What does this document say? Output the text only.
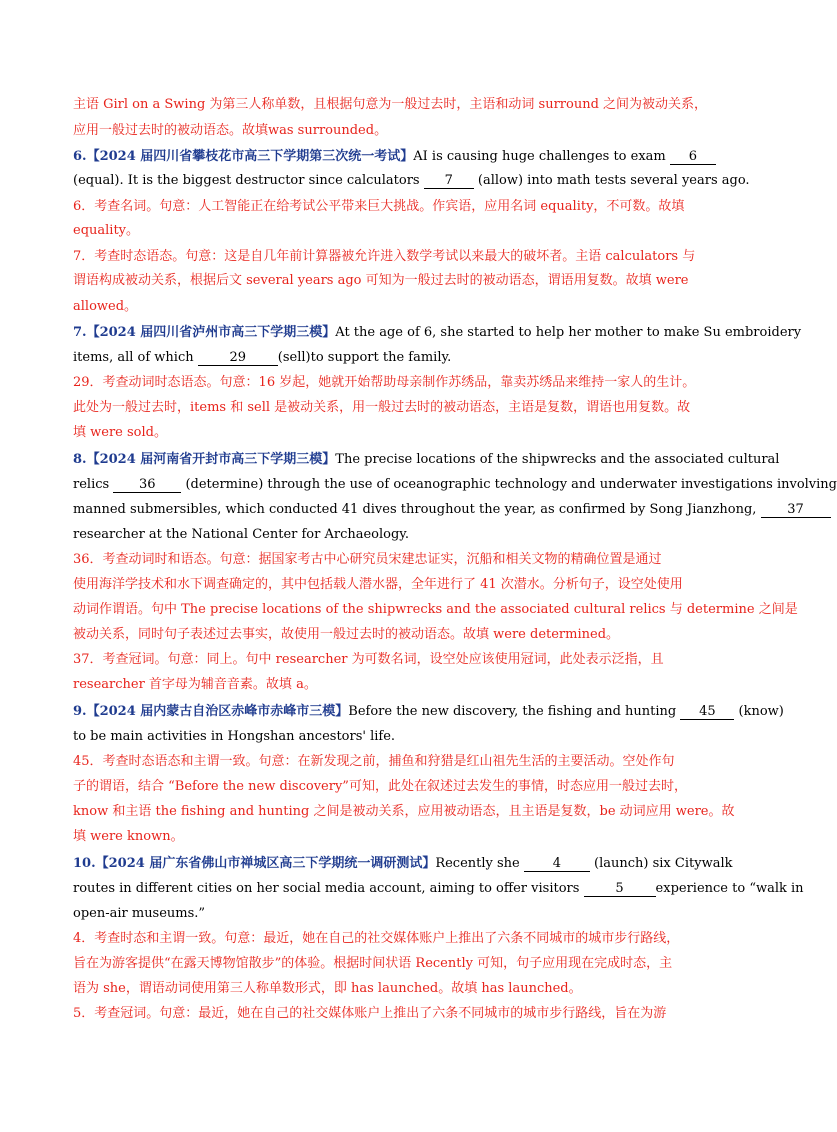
主语 Girl on a Swing 为第三人称单数，且根据句意为一般过去时，主语和动词 surround 之间为被动关系，
应用一般过去时的被动语态。故填was surrounded。
6.【2024 届四川省攀枝花市高三下学期第三次统一考试】AI is causing huge challenges to exam 6
(equal). It is the biggest destructor since calculators 7 (allow) into math tests several years ago.
6．考查名词。句意：人工智能正在给考试公平带来巨大挑战。作宾语，应用名词 equality，不可数。故填
equality。
7．考查时态语态。句意：这是自几年前计算器被允许进入数学考试以来最大的破坏者。主语 calculators 与
谓语构成被动关系，根据后文 several years ago 可知为一般过去时的被动语态，谓语用复数。故填 were
allowed。
7.【2024 届四川省泸州市高三下学期三模】At the age of 6, she started to help her mother to make Su embroidery
items, all of which 29 (sell)to support the family.
29．考查动词时态语态。句意：16 岁起，她就开始帮助母亲制作苏绣品，靠卖苏绣品来维持一家人的生计。
此处为一般过去时，items 和 sell 是被动关系，用一般过去时的被动语态，主语是复数，谓语也用复数。故
填 were sold。
8.【2024 届河南省开封市高三下学期三模】The precise locations of the shipwrecks and the associated cultural
relics 36 (determine) through the use of oceanographic technology and underwater investigations involving
manned submersibles, which conducted 41 dives throughout the year, as confirmed by Song Jianzhong, 37
researcher at the National Center for Archaeology.
36．考查动词时和语态。句意：据国家考古中心研究员宋建忠证实，沉船和相关文物的精确位置是通过
使用海洋学技术和水下调查确定的，其中包括载人潜水器，全年进行了 41 次潜水。分析句子，设空处使用
动词作谓语。句中 The precise locations of the shipwrecks and the associated cultural relics 与 determine 之间是
被动关系，同时句子表述过去事实，故使用一般过去时的被动语态。故填 were determined。
37．考查冠词。句意：同上。句中 researcher 为可数名词，设空处应该使用冠词，此处表示泛指，且
researcher 首字母为辅音音素。故填 a。
9.【2024 届内蒙古自治区赤峰市赤峰市三模】Before the new discovery, the fishing and hunting 45 (know)
to be main activities in Hongshan ancestors' life.
45．考查时态语态和主谓一致。句意：在新发现之前，捕鱼和狩猎是红山祖先生活的主要活动。空处作句
子的谓语，结合 “Before the new discovery”可知，此处在叙述过去发生的事情，时态应用一般过去时，
know 和主语 the fishing and hunting 之间是被动关系，应用被动语态，且主语是复数，be 动词应用 were。故
填 were known。
10.【2024 届广东省佛山市禅城区高三下学期统一调研测试】Recently she 4 (launch) six Citywalk
routes in different cities on her social media account, aiming to offer visitors 5 experience to “walk in
open-air museums.”
4．考查时态和主谓一致。句意：最近，她在自己的社交媒体账户上推出了六条不同城市的城市步行路线，
旨在为游客提供“在露天博物馆散步”的体验。根据时间状语 Recently 可知，句子应用现在完成时态，主
语为 she，谓语动词使用第三人称单数形式，即 has launched。故填 has launched。
5．考查冠词。句意：最近，她在自己的社交媒体账户上推出了六条不同城市的城市步行路线，旨在为游
